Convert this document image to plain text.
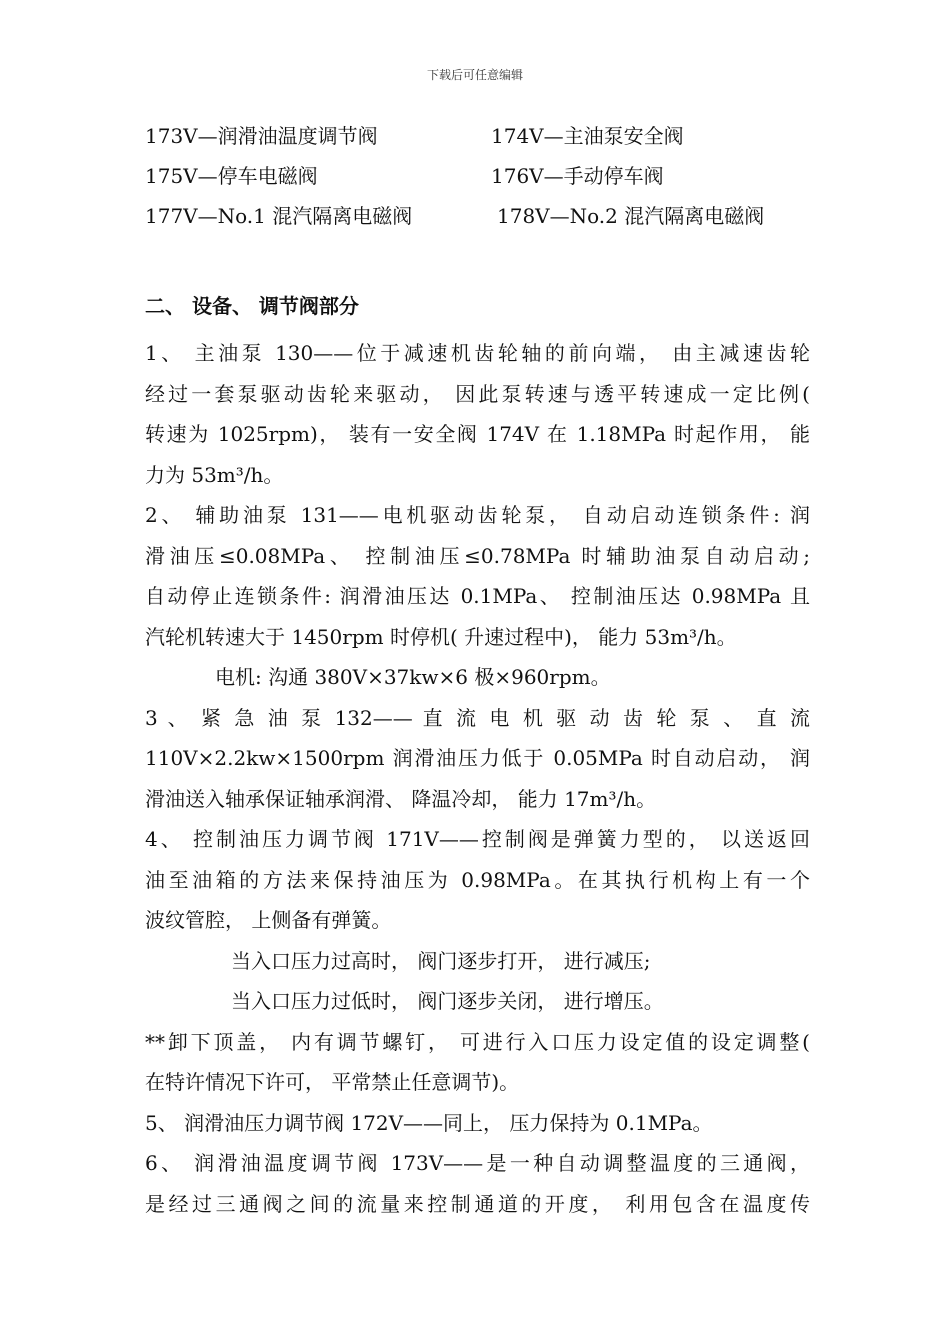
下载后可任意编辑
173V—润滑油温度调节阀	174V—主油泵安全阀
175V—停车电磁阀	176V—手动停车阀
177V—No.1 混汽隔离电磁阀	178V—No.2 混汽隔离电磁阀
二、 设备、 调节阀部分
1、 主油泵 130——位于减速机齿轮轴的前向端， 由主减速齿轮
经过一套泵驱动齿轮来驱动， 因此泵转速与透平转速成一定比例(
转速为 1025rpm)， 装有一安全阀 174V 在 1.18MPa 时起作用， 能
力为 53m³/h。
2、 辅助油泵 131——电机驱动齿轮泵， 自动启动连锁条件: 润
滑油压≤0.08MPa、 控制油压≤0.78MPa 时辅助油泵自动启动;
自动停止连锁条件: 润滑油压达 0.1MPa、 控制油压达 0.98MPa 且
汽轮机转速大于 1450rpm 时停机( 升速过程中)， 能力 53m³/h。
电机: 沟通 380V×37kw×6 极×960rpm。
3 、 紧 急 油 泵 132—— 直 流 电 机 驱 动 齿 轮 泵 、 直 流
110V×2.2kw×1500rpm 润滑油压力低于 0.05MPa 时自动启动， 润
滑油送入轴承保证轴承润滑、 降温冷却， 能力 17m³/h。
4、 控制油压力调节阀 171V——控制阀是弹簧力型的， 以送返回
油至油箱的方法来保持油压为 0.98MPa。在其执行机构上有一个
波纹管腔， 上侧备有弹簧。
当入口压力过高时， 阀门逐步打开， 进行减压;
当入口压力过低时， 阀门逐步关闭， 进行增压。
**卸下顶盖， 内有调节螺钉， 可进行入口压力设定值的设定调整(
在特许情况下许可， 平常禁止任意调节)。
5、 润滑油压力调节阀 172V——同上， 压力保持为 0.1MPa。
6、 润滑油温度调节阀 173V——是一种自动调整温度的三通阀，
是经过三通阀之间的流量来控制通道的开度， 利用包含在温度传
